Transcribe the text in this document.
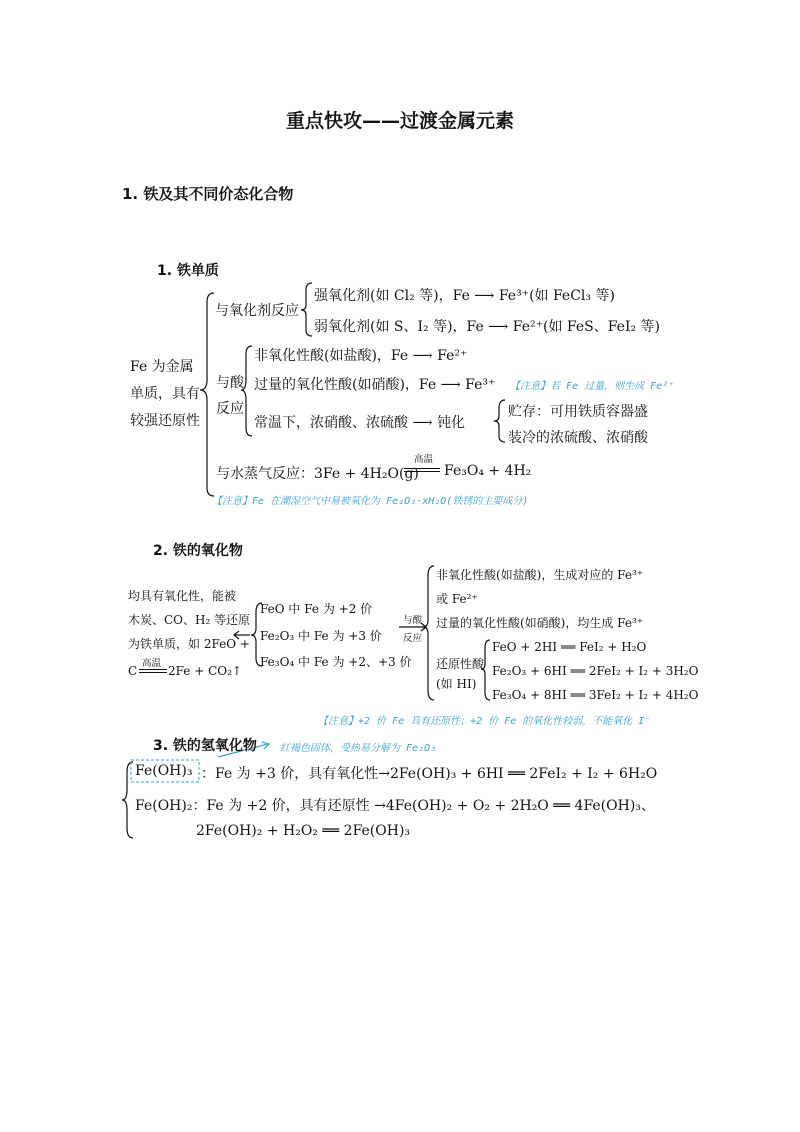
重点快攻——过渡金属元素
1. 铁及其不同价态化合物
1. 铁单质
Fe 为金属
单质，具有
较强还原性
与氧化剂反应
强氧化剂(如 Cl₂ 等)，Fe ⟶ Fe³⁺(如 FeCl₃ 等)
弱氧化剂(如 S、I₂ 等)，Fe ⟶ Fe²⁺(如 FeS、FeI₂ 等)
与酸
反应
非氧化性酸(如盐酸)，Fe ⟶ Fe²⁺
过量的氧化性酸(如硝酸)，Fe ⟶ Fe³⁺ 【注意】若 Fe 过量，则生成 Fe²⁺
常温下，浓硝酸、浓硫酸 ⟶ 钝化
贮存：可用铁质容器盛
装冷的浓硫酸、浓硝酸
与水蒸气反应：3Fe + 4H₂O(g)
高温
Fe₃O₄ + 4H₂
【注意】Fe 在潮湿空气中易被氧化为 Fe₂O₃·xH₂O(铁锈的主要成分)
2. 铁的氧化物
均具有氧化性，能被
木炭、CO、H₂ 等还原
为铁单质，如 2FeO +
C
高温
2Fe + CO₂↑
FeO 中 Fe 为 +2 价
Fe₂O₃ 中 Fe 为 +3 价
Fe₃O₄ 中 Fe 为 +2、+3 价
与酸
反应
非氧化性酸(如盐酸)，生成对应的 Fe³⁺
或 Fe²⁺
过量的氧化性酸(如硝酸)，均生成 Fe³⁺
还原性酸
(如 HI)
FeO + 2HI ══ FeI₂ + H₂O
Fe₂O₃ + 6HI ══ 2FeI₂ + I₂ + 3H₂O
Fe₃O₄ + 8HI ══ 3FeI₂ + I₂ + 4H₂O
【注意】+2 价 Fe 具有还原性；+2 价 Fe 的氧化性较弱，不能氧化 I⁻
3. 铁的氢氧化物 红褐色固体，受热易分解为 Fe₂O₃
Fe(OH)₃ ：Fe 为 +3 价，具有氧化性→2Fe(OH)₃ + 6HI ══ 2FeI₂ + I₂ + 6H₂O
Fe(OH)₂：Fe 为 +2 价，具有还原性 →4Fe(OH)₂ + O₂ + 2H₂O ══ 4Fe(OH)₃、
2Fe(OH)₂ + H₂O₂ ══ 2Fe(OH)₃
